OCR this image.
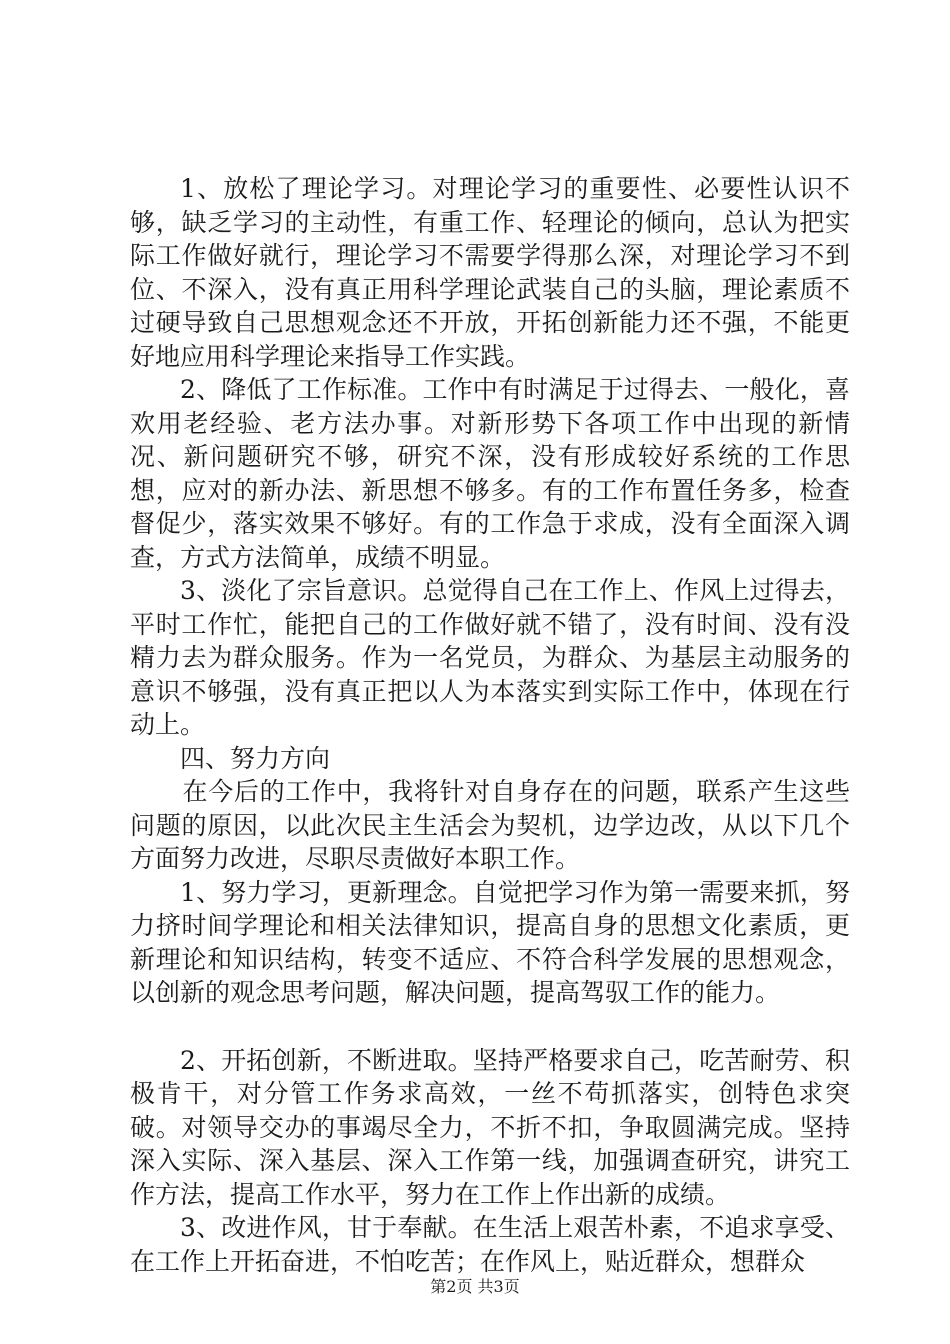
1、放松了理论学习。对理论学习的重要性、必要性认识不够，缺乏学习的主动性，有重工作、轻理论的倾向，总认为把实际工作做好就行，理论学习不需要学得那么深，对理论学习不到位、不深入，没有真正用科学理论武装自己的头脑，理论素质不过硬导致自己思想观念还不开放，开拓创新能力还不强，不能更好地应用科学理论来指导工作实践。

2、降低了工作标准。工作中有时满足于过得去、一般化，喜欢用老经验、老方法办事。对新形势下各项工作中出现的新情况、新问题研究不够，研究不深，没有形成较好系统的工作思想，应对的新办法、新思想不够多。有的工作布置任务多，检查督促少，落实效果不够好。有的工作急于求成，没有全面深入调查，方式方法简单，成绩不明显。

3、淡化了宗旨意识。总觉得自己在工作上、作风上过得去，平时工作忙，能把自己的工作做好就不错了，没有时间、没有没精力去为群众服务。作为一名党员，为群众、为基层主动服务的意识不够强，没有真正把以人为本落实到实际工作中，体现在行动上。

四、努力方向

在今后的工作中，我将针对自身存在的问题，联系产生这些问题的原因，以此次民主生活会为契机，边学边改，从以下几个方面努力改进，尽职尽责做好本职工作。

1、努力学习，更新理念。自觉把学习作为第一需要来抓，努力挤时间学理论和相关法律知识，提高自身的思想文化素质，更新理论和知识结构，转变不适应、不符合科学发展的思想观念，以创新的观念思考问题，解决问题，提高驾驭工作的能力。

2、开拓创新，不断进取。坚持严格要求自己，吃苦耐劳、积极肯干，对分管工作务求高效，一丝不苟抓落实，创特色求突破。对领导交办的事竭尽全力，不折不扣，争取圆满完成。坚持深入实际、深入基层、深入工作第一线，加强调查研究，讲究工作方法，提高工作水平，努力在工作上作出新的成绩。

3、改进作风，甘于奉献。在生活上艰苦朴素，不追求享受、在工作上开拓奋进，不怕吃苦；在作风上，贴近群众，想群众

第2页 共3页
